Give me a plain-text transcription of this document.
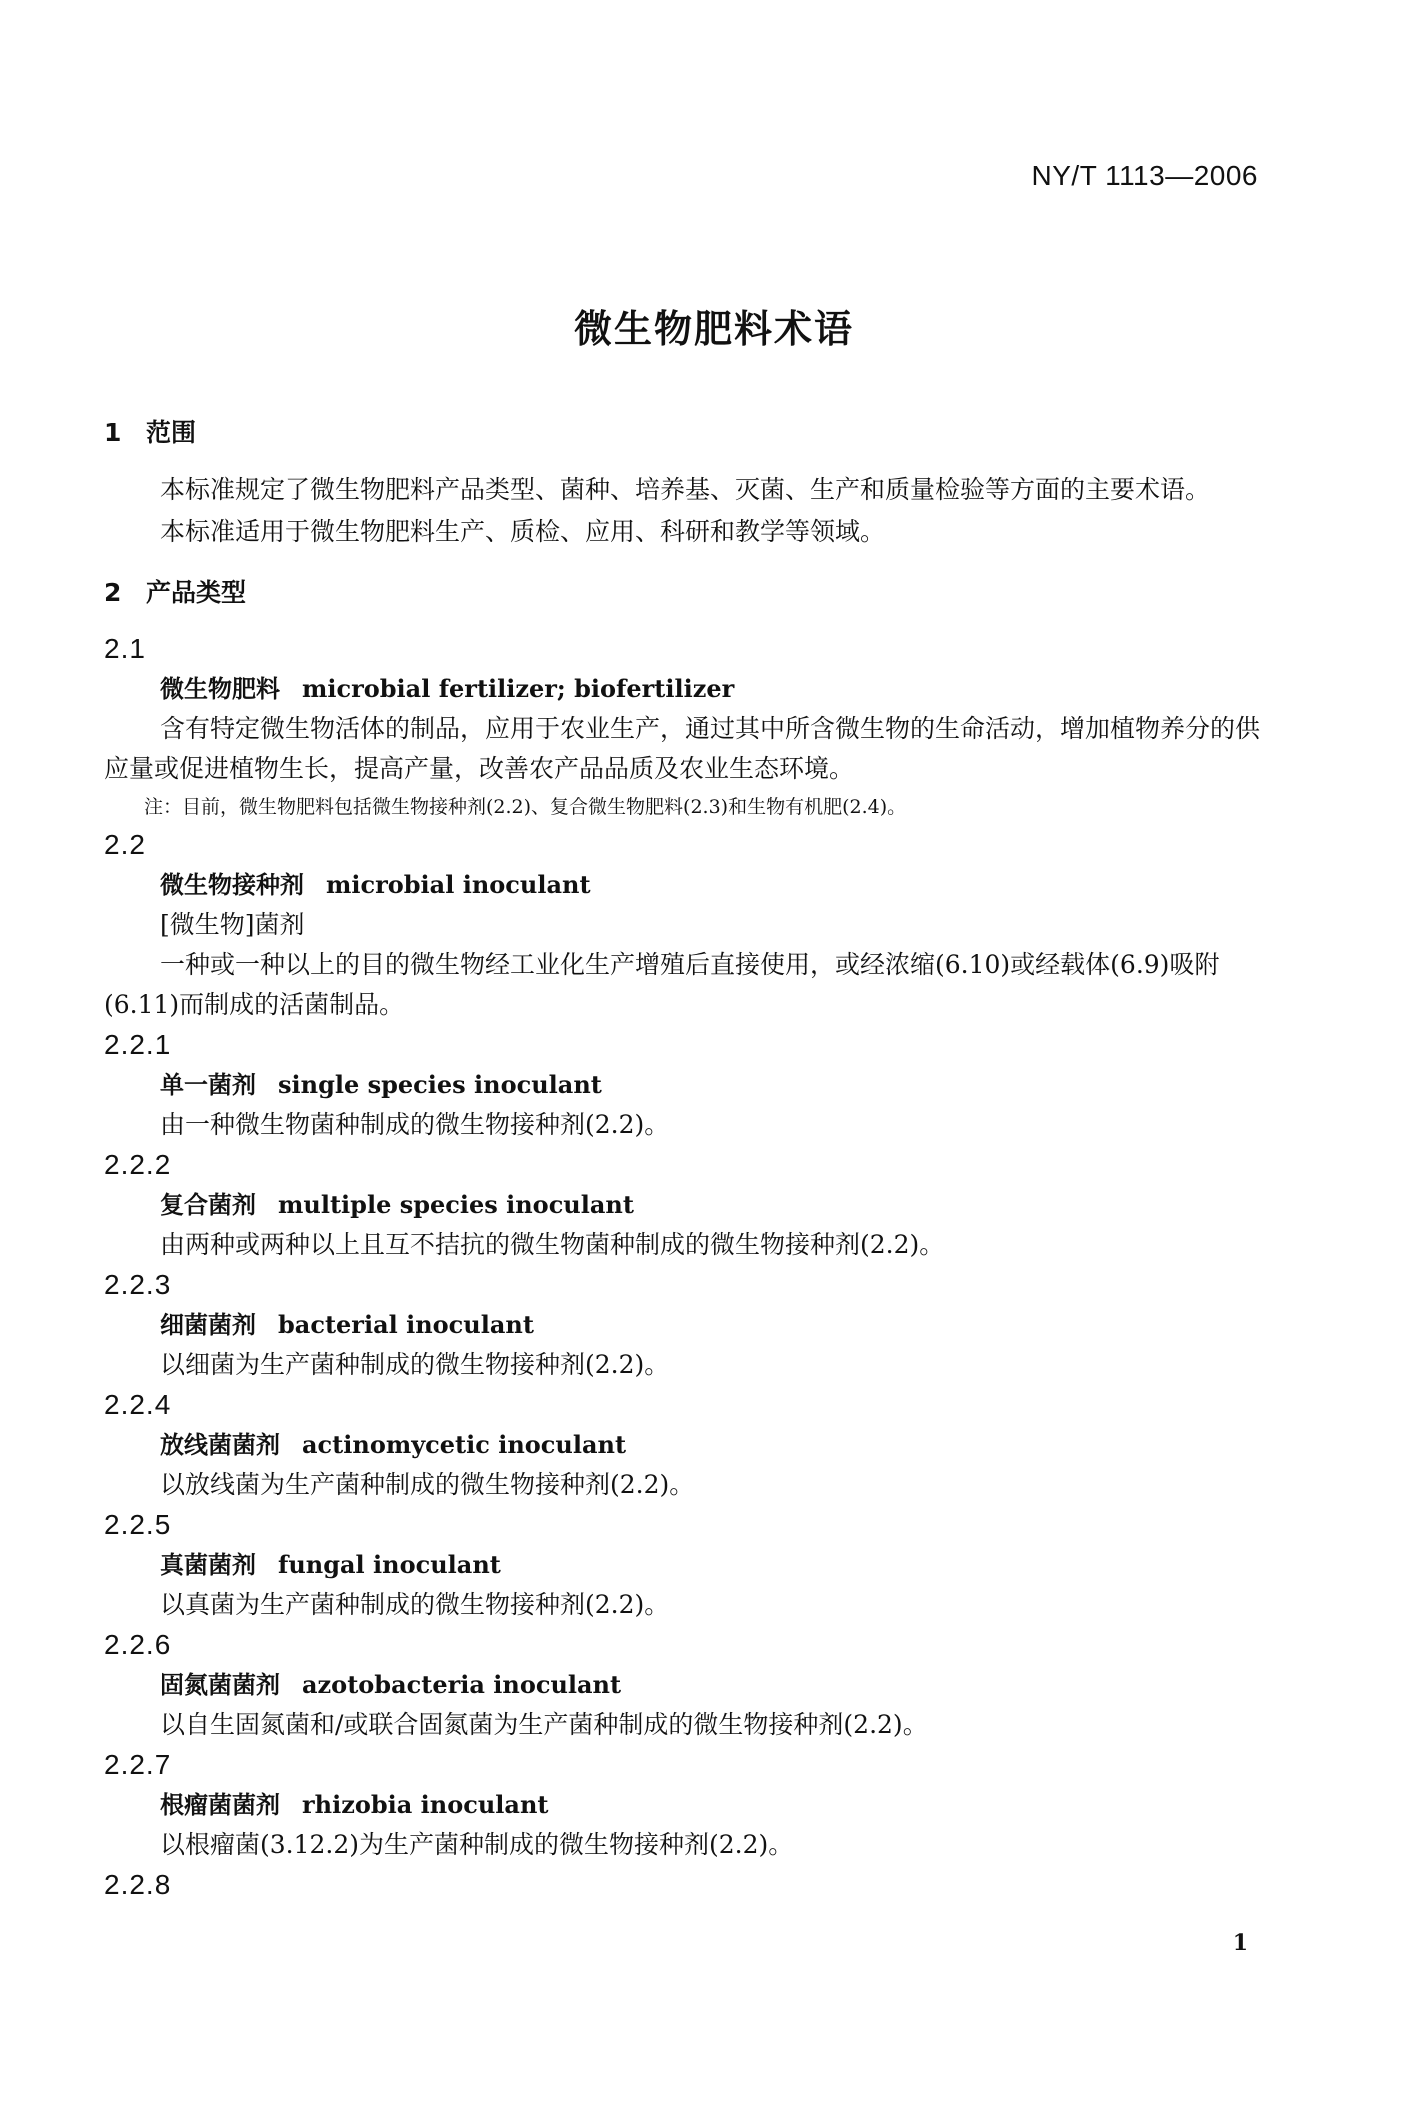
NY/T 1113—2006
微生物肥料术语
1 范围

本标准规定了微生物肥料产品类型、菌种、培养基、灭菌、生产和质量检验等方面的主要术语。

本标准适用于微生物肥料生产、质检、应用、科研和教学等领域。

2 产品类型

2.1

微生物肥料 microbial fertilizer; biofertilizer

含有特定微生物活体的制品，应用于农业生产，通过其中所含微生物的生命活动，增加植物养分的供应量或促进植物生长，提高产量，改善农产品品质及农业生态环境。

注：目前，微生物肥料包括微生物接种剂(2.2)、复合微生物肥料(2.3)和生物有机肥(2.4)。

2.2

微生物接种剂 microbial inoculant

[微生物]菌剂

一种或一种以上的目的微生物经工业化生产增殖后直接使用，或经浓缩(6.10)或经载体(6.9)吸附(6.11)而制成的活菌制品。

2.2.1

单一菌剂 single species inoculant

由一种微生物菌种制成的微生物接种剂(2.2)。

2.2.2

复合菌剂 multiple species inoculant

由两种或两种以上且互不拮抗的微生物菌种制成的微生物接种剂(2.2)。

2.2.3

细菌菌剂 bacterial inoculant

以细菌为生产菌种制成的微生物接种剂(2.2)。

2.2.4

放线菌菌剂 actinomycetic inoculant

以放线菌为生产菌种制成的微生物接种剂(2.2)。

2.2.5

真菌菌剂 fungal inoculant

以真菌为生产菌种制成的微生物接种剂(2.2)。

2.2.6

固氮菌菌剂 azotobacteria inoculant

以自生固氮菌和/或联合固氮菌为生产菌种制成的微生物接种剂(2.2)。

2.2.7

根瘤菌菌剂 rhizobia inoculant

以根瘤菌(3.12.2)为生产菌种制成的微生物接种剂(2.2)。

2.2.8

1
